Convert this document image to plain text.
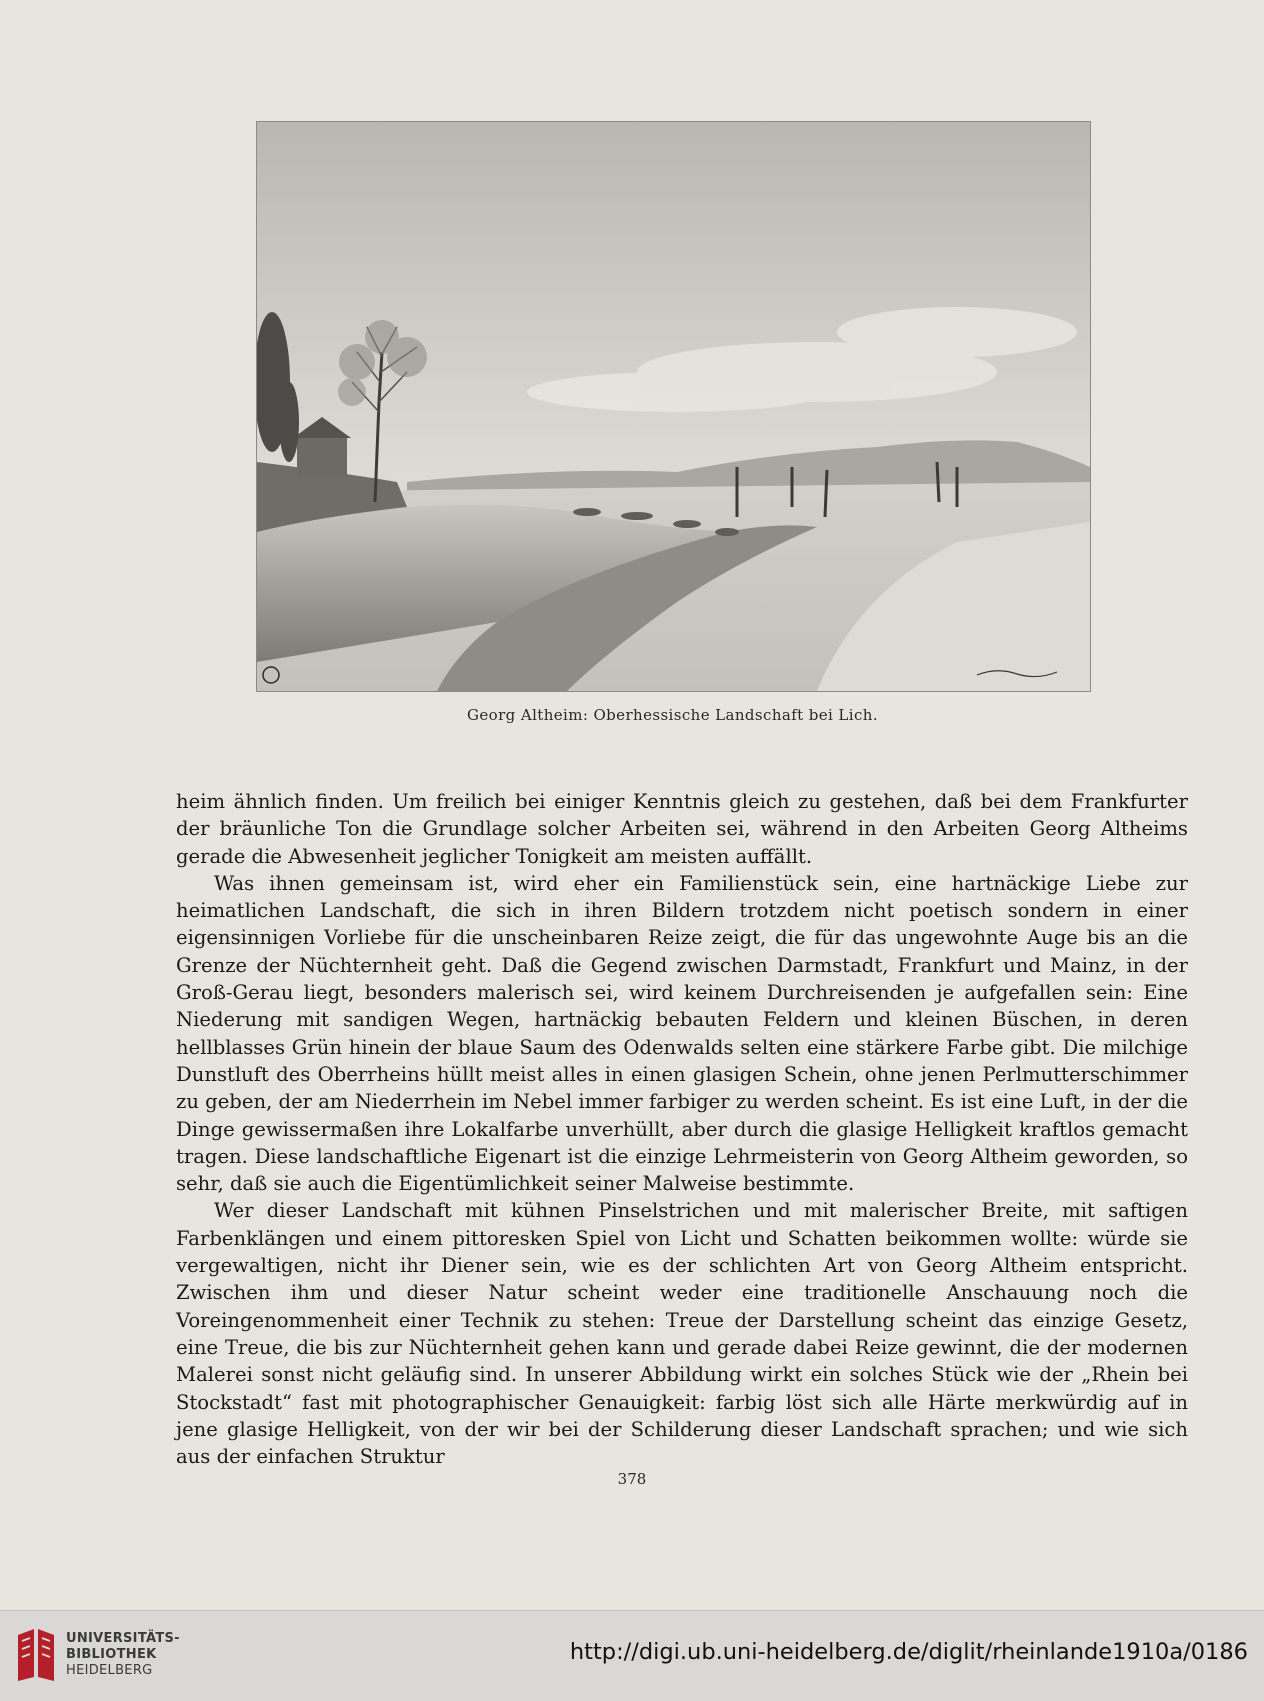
Georg Altheim: Oberhessische Landschaft bei Lich.

heim ähnlich finden. Um freilich bei einiger Kenntnis gleich zu gestehen, daß bei dem Frankfurter der bräunliche Ton die Grundlage solcher Arbeiten sei, während in den Arbeiten Georg Altheims gerade die Abwesenheit jeglicher Tonigkeit am meisten auffällt.

Was ihnen gemeinsam ist, wird eher ein Familienstück sein, eine hartnäckige Liebe zur heimatlichen Landschaft, die sich in ihren Bildern trotzdem nicht poetisch sondern in einer eigensinnigen Vorliebe für die unscheinbaren Reize zeigt, die für das ungewohnte Auge bis an die Grenze der Nüchternheit geht. Daß die Gegend zwischen Darmstadt, Frankfurt und Mainz, in der Groß-Gerau liegt, besonders malerisch sei, wird keinem Durchreisenden je aufgefallen sein: Eine Niederung mit sandigen Wegen, hartnäckig bebauten Feldern und kleinen Büschen, in deren hellblasses Grün hinein der blaue Saum des Odenwalds selten eine stärkere Farbe gibt. Die milchige Dunstluft des Oberrheins hüllt meist alles in einen glasigen Schein, ohne jenen Perlmutterschimmer zu geben, der am Niederrhein im Nebel immer farbiger zu werden scheint. Es ist eine Luft, in der die Dinge gewissermaßen ihre Lokalfarbe unverhüllt, aber durch die glasige Helligkeit kraftlos gemacht tragen. Diese landschaftliche Eigenart ist die einzige Lehrmeisterin von Georg Altheim geworden, so sehr, daß sie auch die Eigentümlichkeit seiner Malweise bestimmte.

Wer dieser Landschaft mit kühnen Pinselstrichen und mit malerischer Breite, mit saftigen Farbenklängen und einem pittoresken Spiel von Licht und Schatten beikommen wollte: würde sie vergewaltigen, nicht ihr Diener sein, wie es der schlichten Art von Georg Altheim entspricht. Zwischen ihm und dieser Natur scheint weder eine traditionelle Anschauung noch die Voreingenommenheit einer Technik zu stehen: Treue der Darstellung scheint das einzige Gesetz, eine Treue, die bis zur Nüchternheit gehen kann und gerade dabei Reize gewinnt, die der modernen Malerei sonst nicht geläufig sind. In unserer Abbildung wirkt ein solches Stück wie der „Rhein bei Stockstadt“ fast mit photographischer Genauigkeit: farbig löst sich alle Härte merkwürdig auf in jene glasige Helligkeit, von der wir bei der Schilderung dieser Landschaft sprachen; und wie sich aus der einfachen Struktur

378
UNIVERSITÄTS-
BIBLIOTHEK
HEIDELBERG
http://digi.ub.uni-heidelberg.de/diglit/rheinlande1910a/0186
